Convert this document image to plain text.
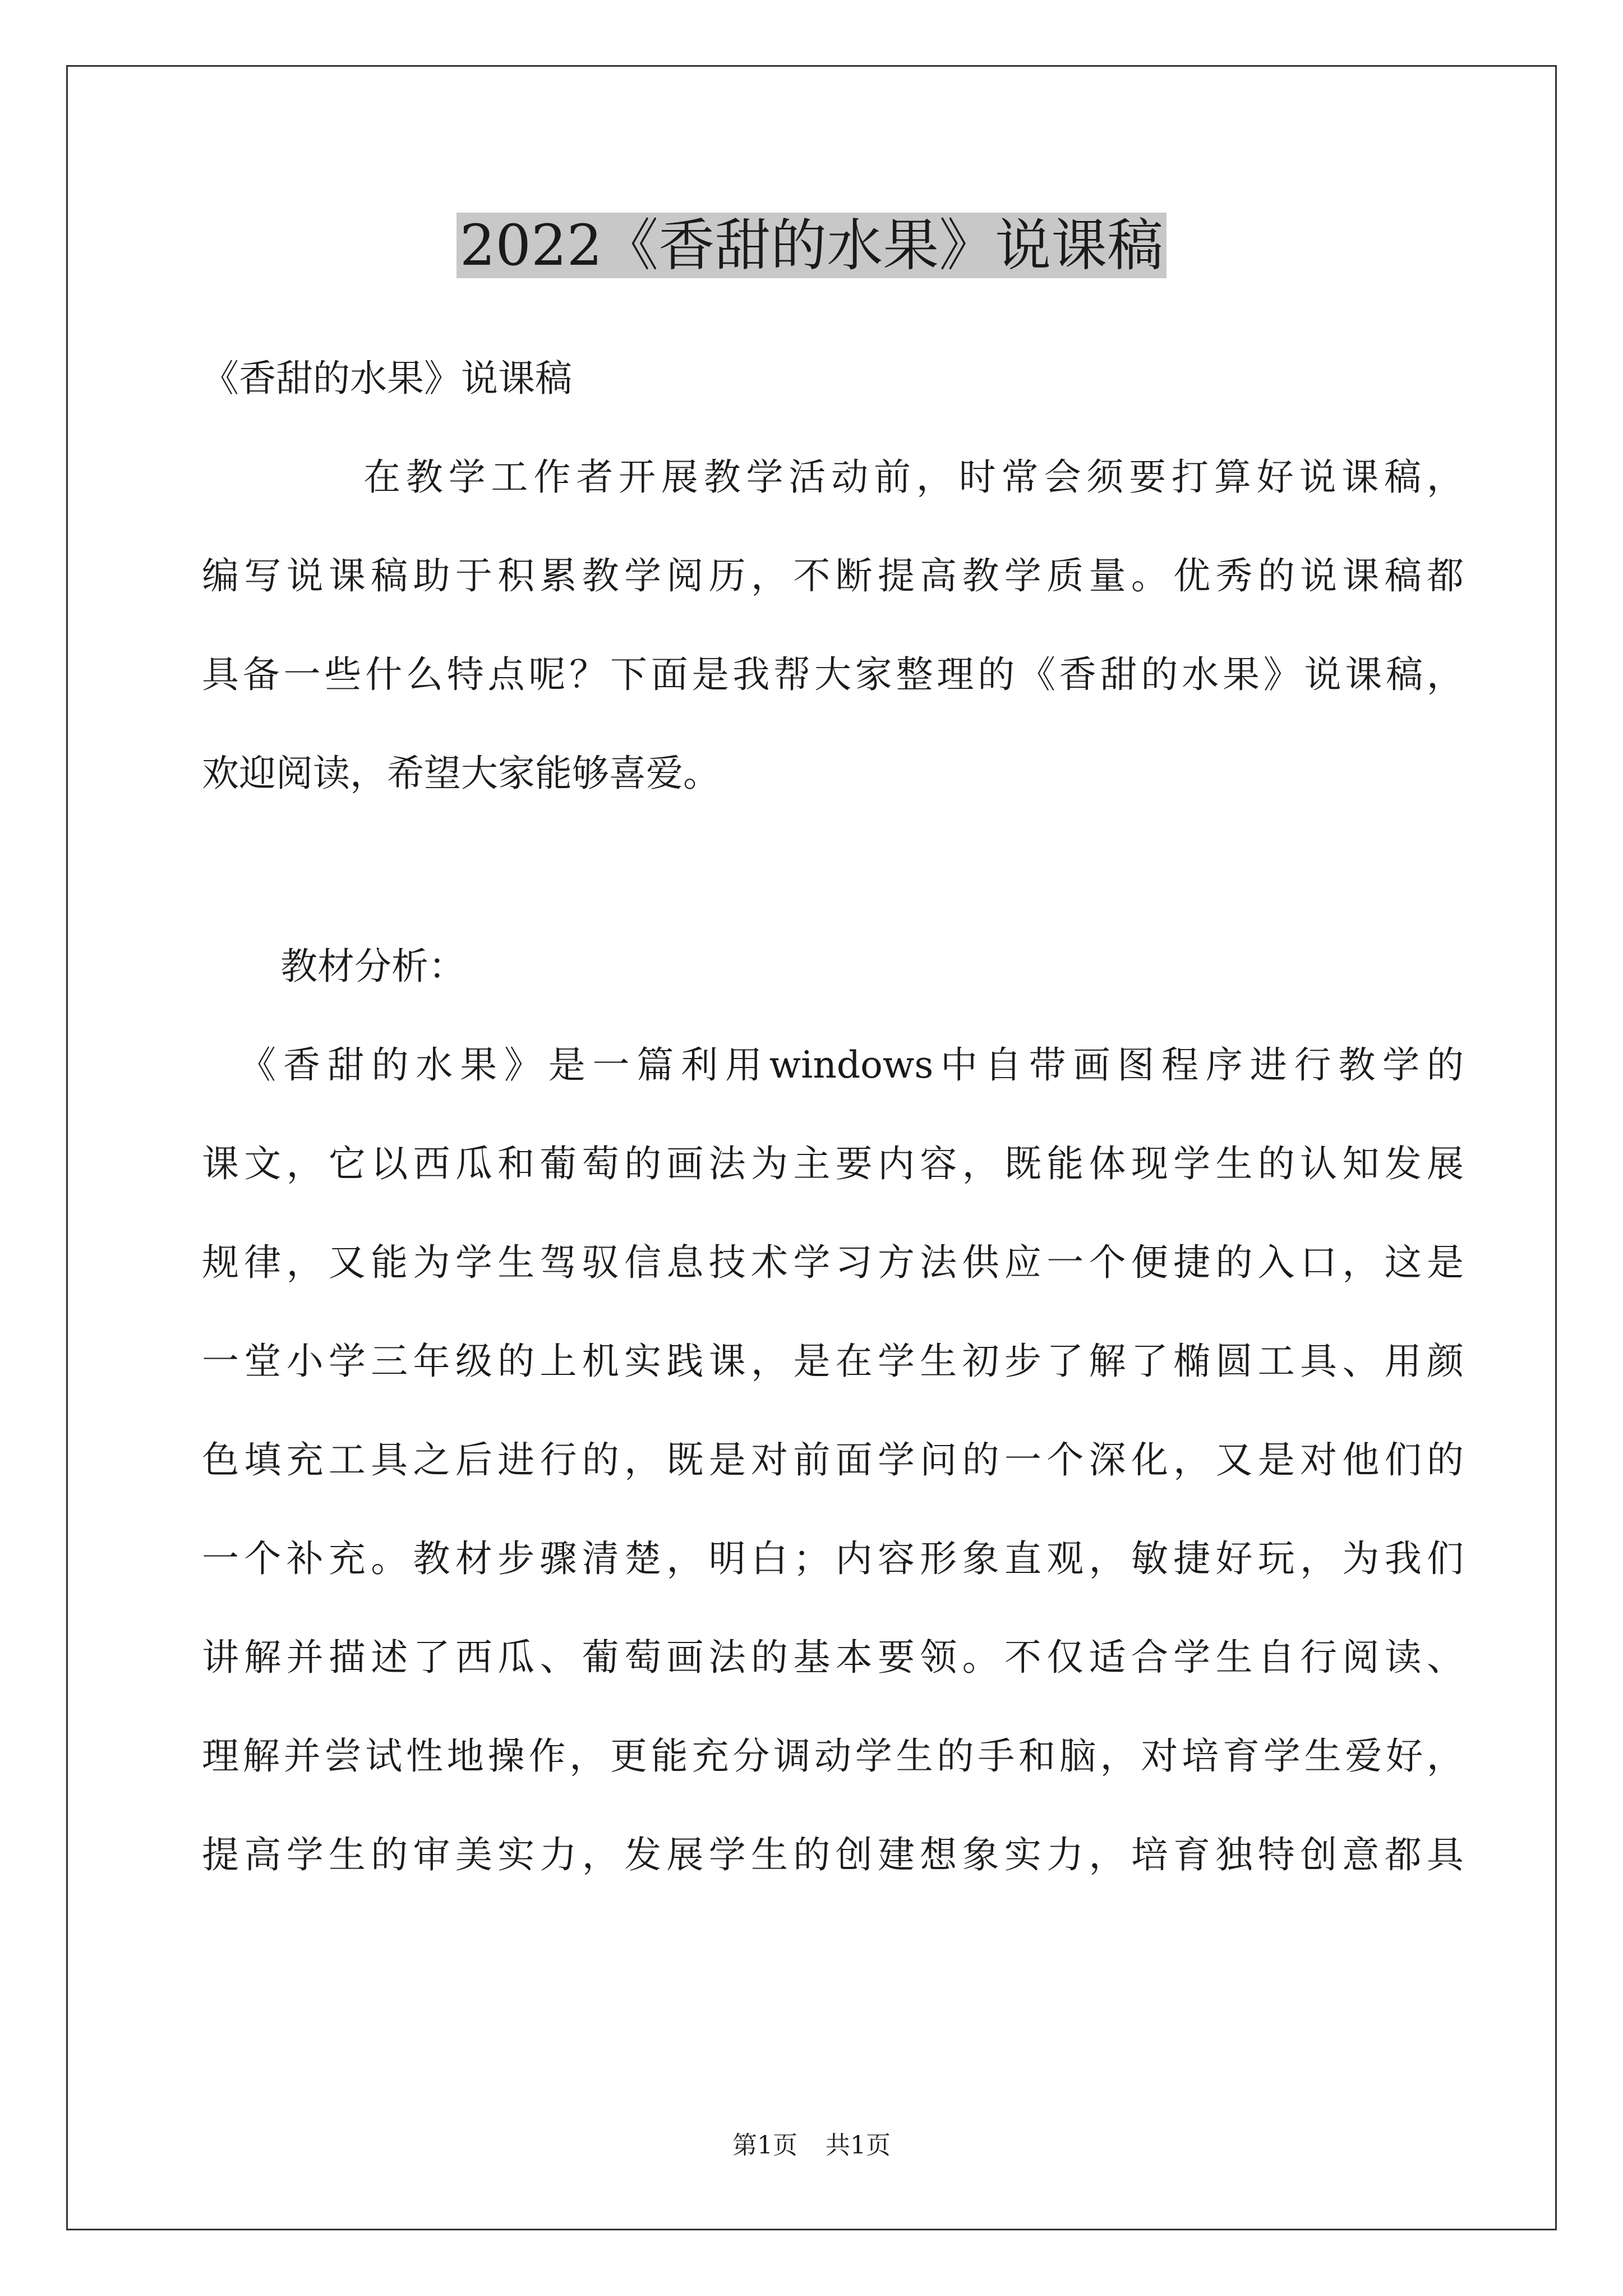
2022《香甜的水果》说课稿
《香甜的水果》说课稿
在教学工作者开展教学活动前，时常会须要打算好说课稿，
编写说课稿助于积累教学阅历，不断提高教学质量。优秀的说课稿都
具备一些什么特点呢？下面是我帮大家整理的《香甜的水果》说课稿，
欢迎阅读，希望大家能够喜爱。
教材分析：
《香甜的水果》是一篇利用windows中自带画图程序进行教学的
课文，它以西瓜和葡萄的画法为主要内容，既能体现学生的认知发展
规律，又能为学生驾驭信息技术学习方法供应一个便捷的入口，这是
一堂小学三年级的上机实践课，是在学生初步了解了椭圆工具、用颜
色填充工具之后进行的，既是对前面学问的一个深化，又是对他们的
一个补充。教材步骤清楚，明白；内容形象直观，敏捷好玩，为我们
讲解并描述了西瓜、葡萄画法的基本要领。不仅适合学生自行阅读、
理解并尝试性地操作，更能充分调动学生的手和脑，对培育学生爱好，
提高学生的审美实力，发展学生的创建想象实力，培育独特创意都具
第1页 共1页
